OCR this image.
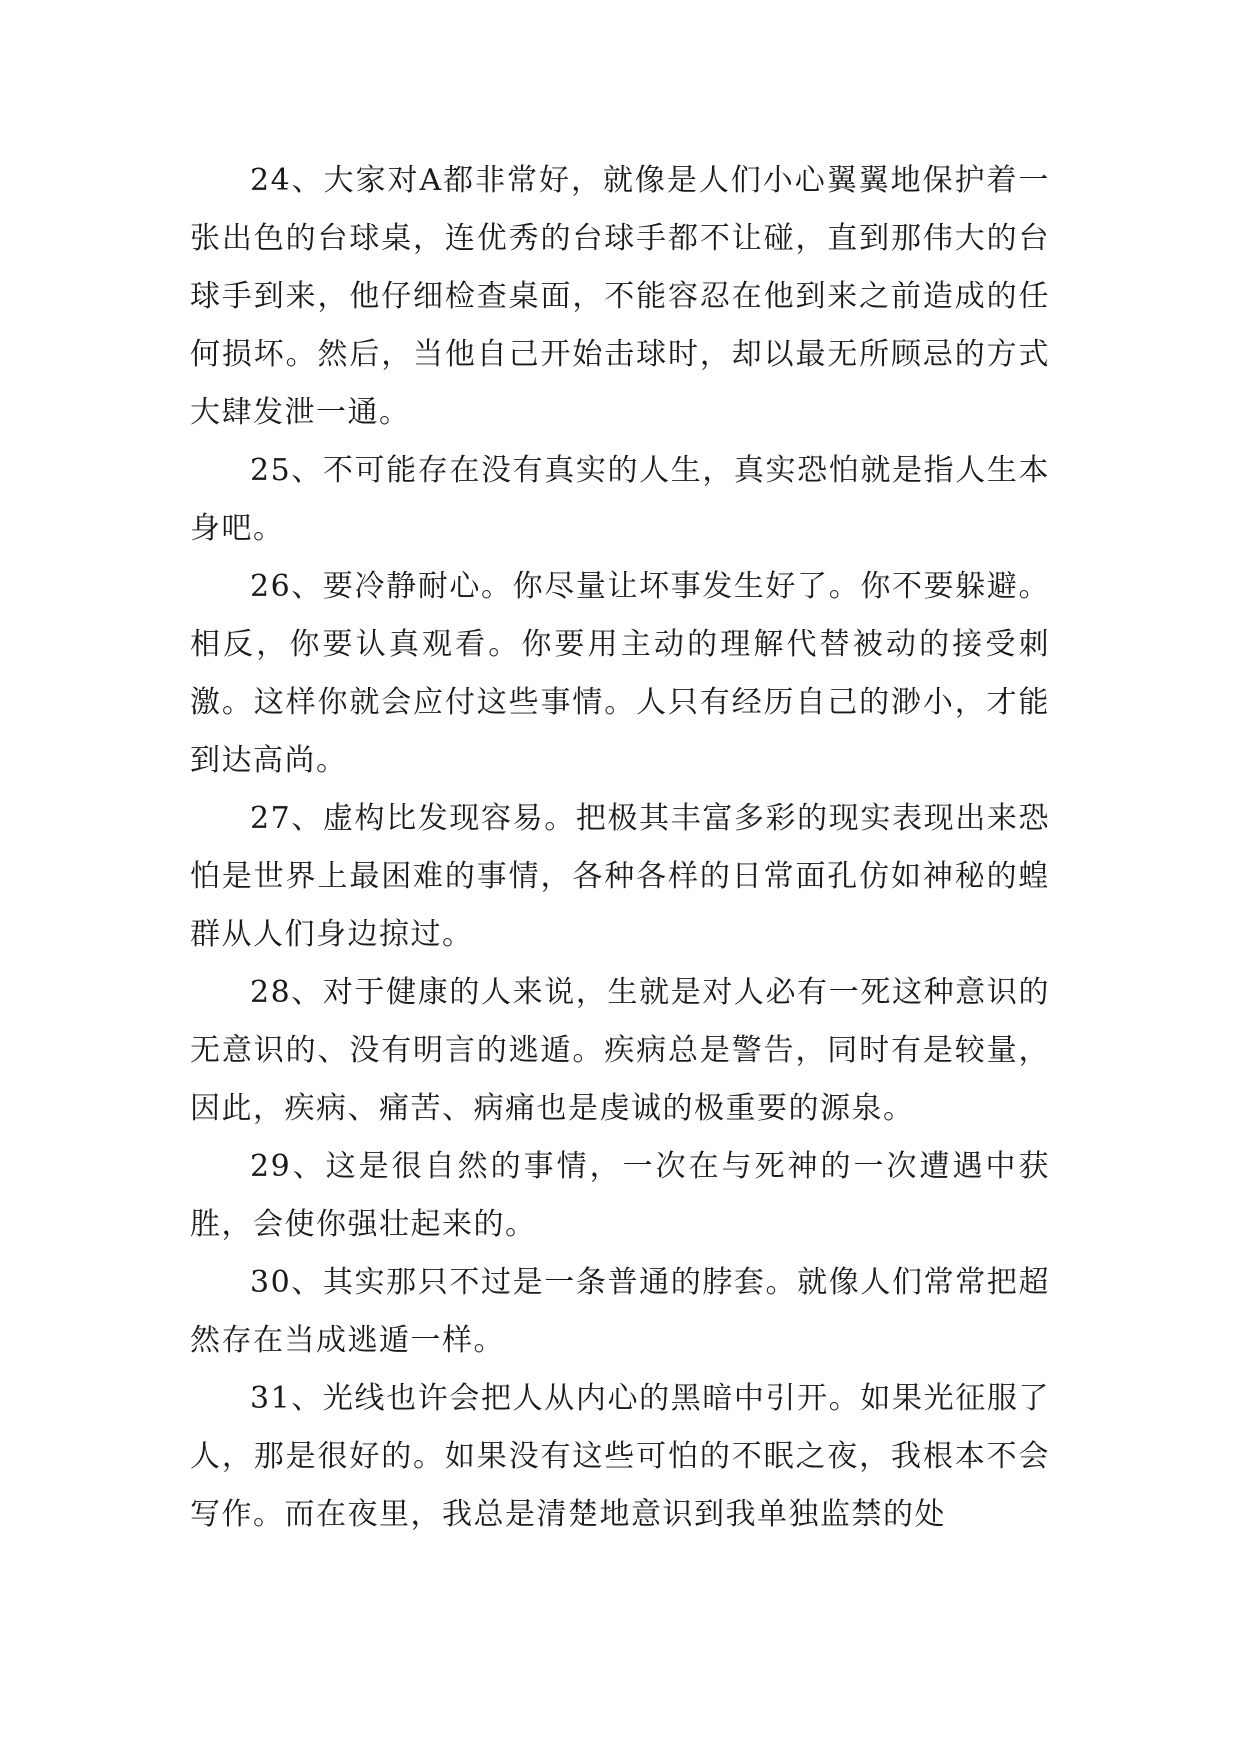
24、大家对A都非常好，就像是人们小心翼翼地保护着一张出色的台球桌，连优秀的台球手都不让碰，直到那伟大的台球手到来，他仔细检查桌面，不能容忍在他到来之前造成的任何损坏。然后，当他自己开始击球时，却以最无所顾忌的方式大肆发泄一通。

25、不可能存在没有真实的人生，真实恐怕就是指人生本身吧。

26、要冷静耐心。你尽量让坏事发生好了。你不要躲避。相反，你要认真观看。你要用主动的理解代替被动的接受刺激。这样你就会应付这些事情。人只有经历自己的渺小，才能到达高尚。

27、虚构比发现容易。把极其丰富多彩的现实表现出来恐怕是世界上最困难的事情，各种各样的日常面孔仿如神秘的蝗群从人们身边掠过。

28、对于健康的人来说，生就是对人必有一死这种意识的无意识的、没有明言的逃遁。疾病总是警告，同时有是较量，因此，疾病、痛苦、病痛也是虔诚的极重要的源泉。

29、这是很自然的事情，一次在与死神的一次遭遇中获胜，会使你强壮起来的。

30、其实那只不过是一条普通的脖套。就像人们常常把超然存在当成逃遁一样。

31、光线也许会把人从内心的黑暗中引开。如果光征服了人，那是很好的。如果没有这些可怕的不眠之夜，我根本不会写作。而在夜里，我总是清楚地意识到我单独监禁的处
